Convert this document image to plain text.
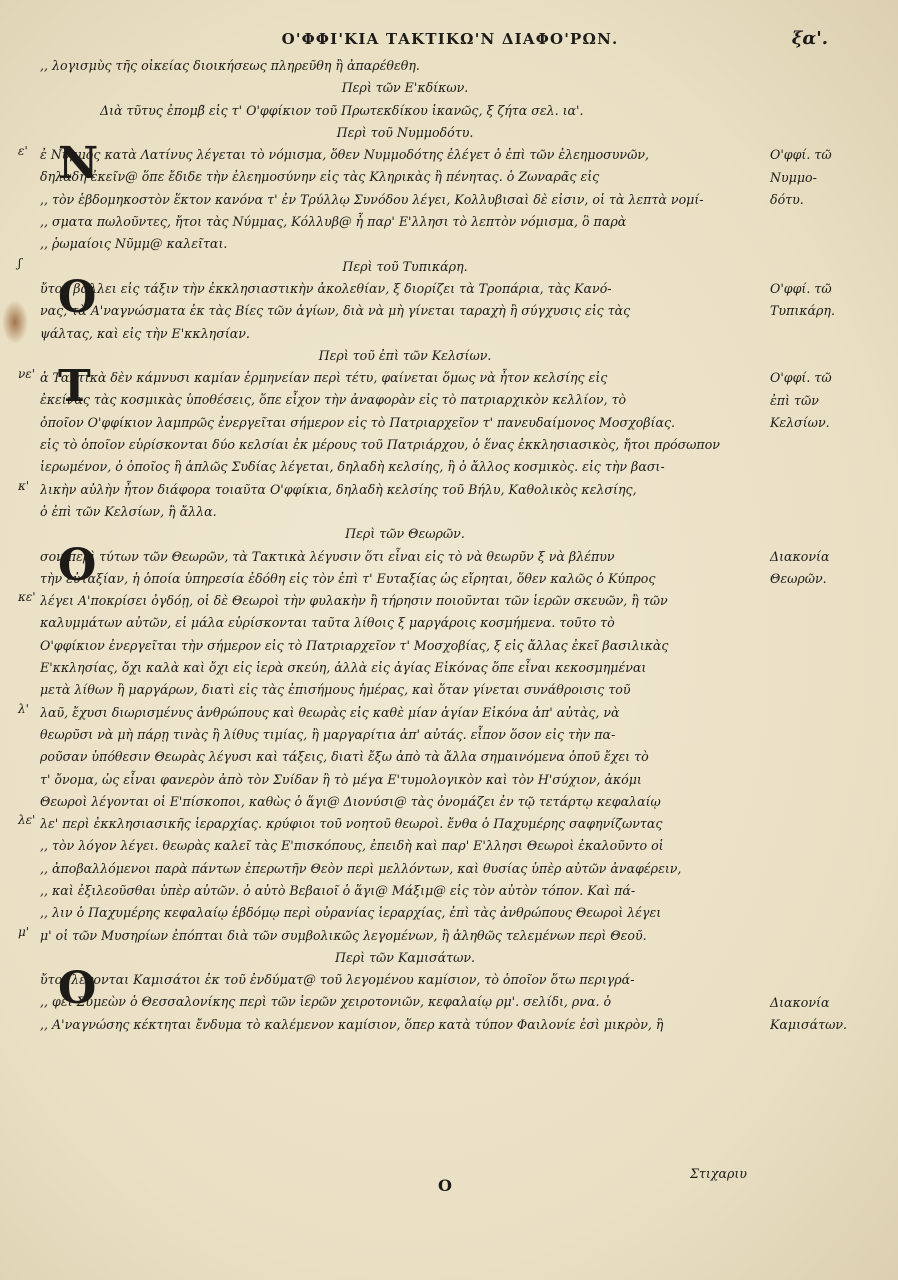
Ο'ΦΦΙ'ΚΙΑ ΤΑΚΤΙΚΩ'Ν ΔΙΑΦΟ'ΡΩΝ.	ξα'.
ε'
ʃ
νε'
κ'
κε'
λ'
λε'
μ'
,, λογισμὺς τῆς οἰκείας διοικήσεως πληρεῦθη ἢ ἀπαρέθεθη.
Περὶ τῶν Ε'κδίκων.
Διὰ τῦτυς ἐπομβ̃ εἰς τ' Ο'φφίκιον τοῦ Πρωτεκδίκου ἱκανῶς, ξ ζήτα σελ. ια'.
Περὶ τοῦ Νυμμοδότυ.
ἐ Νυμμος κατὰ Λατίνυς λέγεται τὸ νόμισμα, ὅθεν Νυμμοδότης ἐλέγετ ὁ ἐπὶ τῶν ἐλεημοσυνῶν,
N
δηλαδὴ ἐκεῖν@ ὅπε ἔδιδε τὴν ἐλεημοσύνην εἰς τὰς Κληρικὰς ἢ πένητας. ὁ Ζωναρᾶς εἰς
,, τὸν ἑβδομηκοστὸν ἕκτον κανόνα τ' ἐν Τρύλλῳ Συνόδου λέγει, Κολλυβισαὶ δὲ εἰσιν, οἱ τὰ λεπτὰ νομί-
,, σματα πωλοῦντες, ἤτοι τὰς Νύμμας, Κόλλυβ@ ἦ παρ' Ε'λλησι τὸ λεπτὸν νόμισμα, ὃ παρὰ
,, ῥωμαίοις Νῦμμ@ καλεῖται.
Περὶ τοῦ Τυπικάρη.
ὔτος βάλλει εἰς τάξιν τὴν ἐκκλησιαστικὴν ἀκολεθίαν, ξ διορίζει τὰ Τροπάρια, τὰς Κανό-
O
νας, τὰ Α'ναγνώσματα ἐκ τὰς Βίες τῶν ἁγίων, διὰ νὰ μὴ γίνεται ταραχὴ ἢ σύγχυσις εἰς τὰς
ψάλτας, καὶ εἰς τὴν Ε'κκλησίαν.
Περὶ τοῦ ἐπὶ τῶν Κελσίων.
ἀ Τακτικὰ δὲν κάμνυσι καμίαν ἑρμηνείαν περὶ τέτυ, φαίνεται ὅμως νὰ ἦτον κελσίης εἰς
T
ἐκείνας τὰς κοσμικὰς ὑποθέσεις, ὅπε εἶχον τὴν ἀναφορὰν εἰς τὸ πατριαρχικὸν κελλίον, τὸ
ὁποῖον Ο'φφίκιον λαμπρῶς ἐνεργεῖται σήμερον εἰς τὸ Πατριαρχεῖον τ' πανευδαίμονος Μοσχοβίας.
εἰς τὸ ὁποῖον εὑρίσκονται δύο κελσίαι ἐκ μέρους τοῦ Πατριάρχου, ὁ ἕνας ἐκκλησιασικὸς, ἤτοι πρόσωπον
ἱερωμένον, ὁ ὁποῖος ἢ ἁπλῶς Συδίας λέγεται, δηλαδὴ κελσίης, ἢ ὁ ἄλλος κοσμικὸς. εἰς τὴν βασι-
λικὴν αὐλὴν ἦτον διάφορα τοιαῦτα Ο'φφίκια, δηλαδὴ κελσίης τοῦ Βήλυ, Καθολικὸς κελσίης,
ὁ ἐπὶ τῶν Κελσίων, ἢ ἄλλα.
Περὶ τῶν Θεωρῶν.
σον περὶ τύτων τῶν Θεωρῶν, τὰ Τακτικὰ λέγυσιν ὅτι εἶναι εἰς τὸ νὰ θεωρῦν ξ νὰ βλέπυν
O
τὴν εὐταξίαν, ἡ ὁποία ὑπηρεσία ἐδόθη εἰς τὸν ἐπὶ τ' Ευταξίας ὡς εἴρηται, ὅθεν καλῶς ὁ Κύπρος
λέγει Α'ποκρίσει ὀγδόῃ, οἱ δὲ Θεωροὶ τὴν φυλακὴν ἢ τήρησιν ποιοῦνται τῶν ἱερῶν σκευῶν, ἢ τῶν
καλυμμάτων αὐτῶν, εἰ μάλα εὑρίσκονται ταῦτα λίθοις ξ μαργάροις κοσμήμενα. τοῦτο τὸ
Ο'φφίκιον ἐνεργεῖται τὴν σήμερον εἰς τὸ Πατριαρχεῖον τ' Μοσχοβίας, ξ εἰς ἄλλας ἐκεῖ βασιλικὰς
Ε'κκλησίας, ὄχι καλὰ καὶ ὄχι εἰς ἱερὰ σκεύη, ἀλλὰ εἰς ἁγίας Εἰκόνας ὅπε εἶναι κεκοσμημέναι
μετὰ λίθων ἢ μαργάρων, διατὶ εἰς τὰς ἐπισήμους ἡμέρας, καὶ ὅταν γίνεται συνάθροισις τοῦ
λαῦ, ἔχυσι διωρισμένυς ἀνθρώπους καὶ θεωρὰς εἰς καθὲ μίαν ἁγίαν Εἰκόνα ἀπ' αὐτὰς, νὰ
θεωρῦσι νὰ μὴ πάρῃ τινὰς ἢ λίθυς τιμίας, ἢ μαργαρίτια ἀπ' αὐτάς. εἶπον ὅσον εἰς τὴν πα-
ροῦσαν ὑπόθεσιν Θεωρὰς λέγυσι καὶ τάξεις, διατὶ ἔξω ἀπὸ τὰ ἄλλα σημαινόμενα ὁποῦ ἔχει τὸ
τ' ὄνομα, ὡς εἶναι φανερὸν ἀπὸ τὸν Συίδαν ἢ τὸ μέγα Ε'τυμολογικὸν καὶ τὸν Η'σύχιον, ἀκόμι
Θεωροὶ λέγονται οἱ Ε'πίσκοποι, καθὼς ὁ ἅγι@ Διονύσι@ τὰς ὀνομάζει ἐν τῷ τετάρτῳ κεφαλαίῳ
λε' περὶ ἐκκλησιασικῆς ἱεραρχίας. κρύφιοι τοῦ νοητοῦ θεωροὶ. ἔνθα ὁ Παχυμέρης σαφηνίζωντας
,, τὸν λόγον λέγει. θεωρὰς καλεῖ τὰς Ε'πισκόπους, ἐπειδὴ καὶ παρ' Ε'λλησι Θεωροὶ ἐκαλοῦντο οἱ
,, ἀποβαλλόμενοι παρὰ πάντων ἐπερωτῆν Θεὸν περὶ μελλόντων, καὶ θυσίας ὑπὲρ αὐτῶν ἀναφέρειν,
,, καὶ ἐξιλεοῦσθαι ὑπὲρ αὐτῶν. ὁ αὐτὸ Βεβαιοῖ ὁ ἅγι@ Μάξιμ@ εἰς τὸν αὐτὸν τόπον. Καὶ πά-
,, λιν ὁ Παχυμέρης κεφαλαίῳ ἑβδόμῳ περὶ οὐρανίας ἱεραρχίας, ἐπὶ τὰς ἀνθρώπους Θεωροὶ λέγει
μ' οἱ τῶν Μυσηρίων ἐπόπται διὰ τῶν συμβολικῶς λεγομένων, ἢ ἀληθῶς τελεμένων περὶ Θεοῦ.
Περὶ τῶν Καμισάτων.
ὔτοι λέγονται Καμισάτοι ἐκ τοῦ ἐνδύματ@ τοῦ λεγομένου καμίσιον, τὸ ὁποῖον ὅτω περιγρά-
O
,, φει Συμεὼν ὁ Θεσσαλονίκης περὶ τῶν ἱερῶν χειροτονιῶν, κεφαλαίῳ ρμ'. σελίδι, ρνα. ὁ
,, Α'ναγνώσης κέκτηται ἔνδυμα τὸ καλέμενον καμίσιον, ὅπερ κατὰ τύπον Φαιλονίε ἐσὶ μικρὸν, ἢ
Ο'φφί. τῶ
Νυμμο-
δότυ.
Ο'φφί. τῶ
Τυπικάρη.
Ο'φφί. τῶ
ἐπὶ τῶν
Κελσίων.
Διακονία
Θεωρῶν.
Διακονία
Καμισάτων.
Στιχαριυ
O
